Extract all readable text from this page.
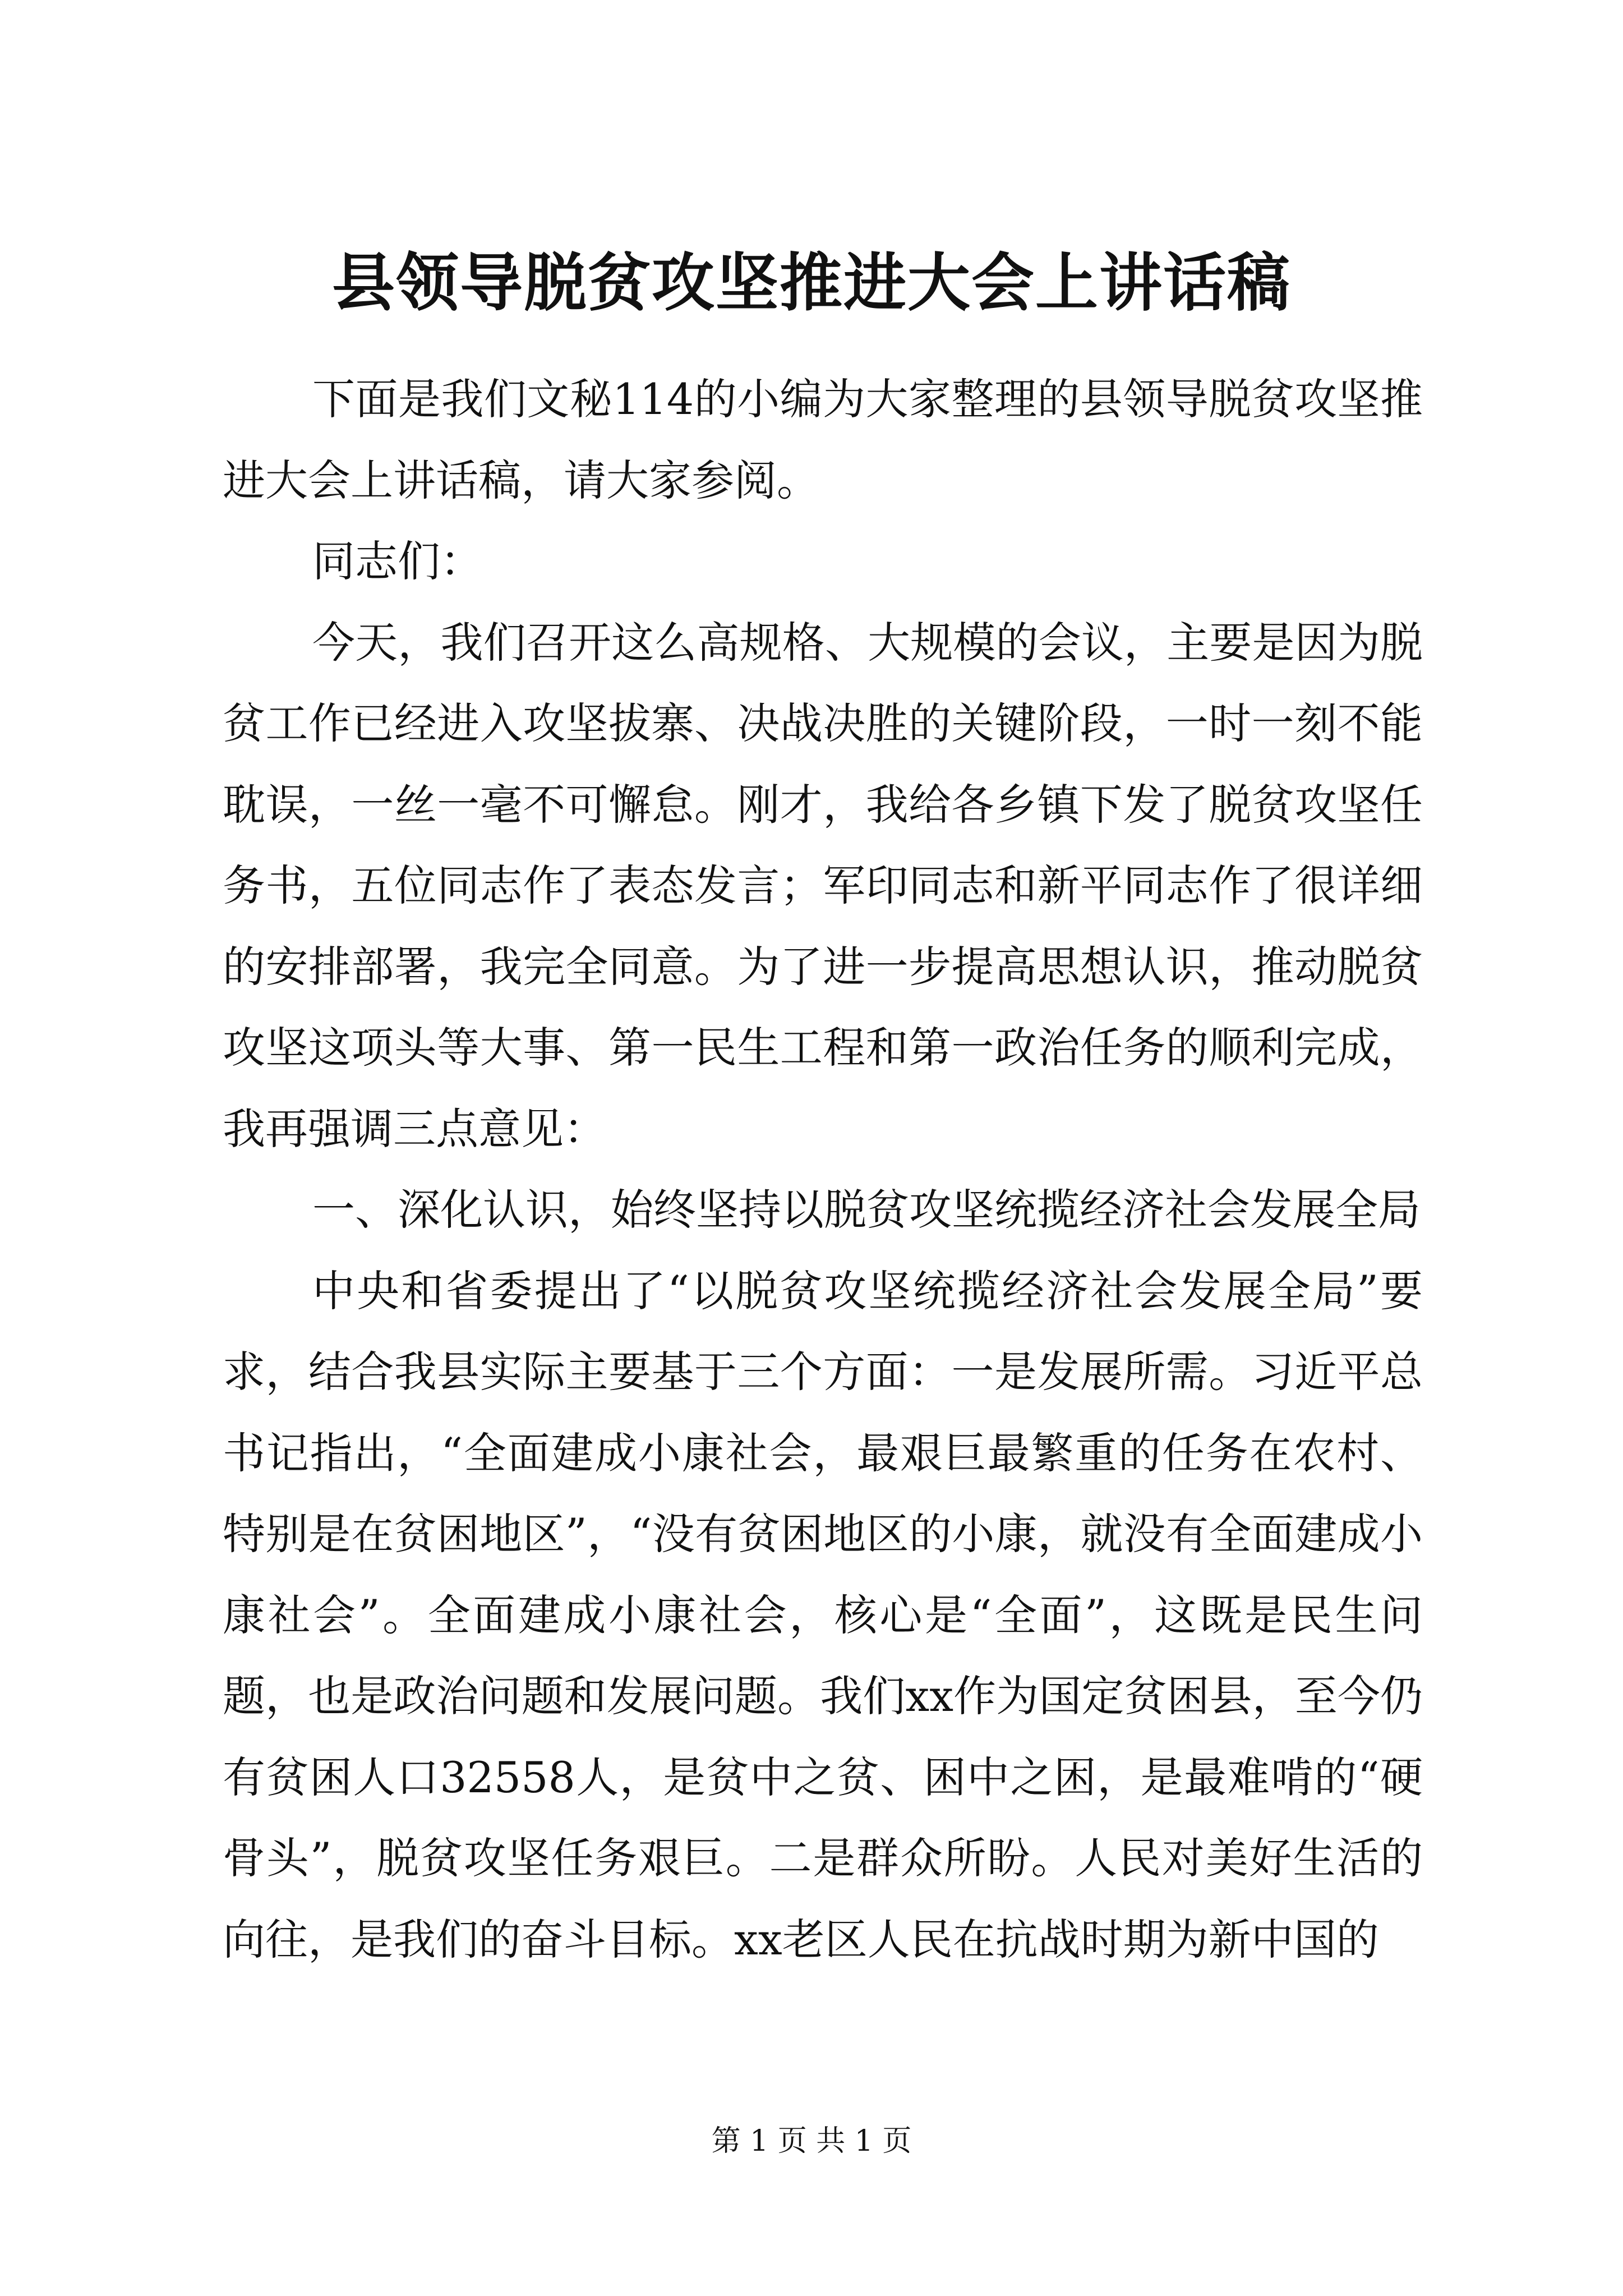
县领导脱贫攻坚推进大会上讲话稿

下面是我们文秘114的小编为大家整理的县领导脱贫攻坚推进大会上讲话稿，请大家参阅。

同志们：

今天，我们召开这么高规格、大规模的会议，主要是因为脱贫工作已经进入攻坚拔寨、决战决胜的关键阶段，一时一刻不能耽误，一丝一毫不可懈怠。刚才，我给各乡镇下发了脱贫攻坚任务书，五位同志作了表态发言；军印同志和新平同志作了很详细的安排部署，我完全同意。为了进一步提高思想认识，推动脱贫攻坚这项头等大事、第一民生工程和第一政治任务的顺利完成，我再强调三点意见：

一、深化认识，始终坚持以脱贫攻坚统揽经济社会发展全局

中央和省委提出了“以脱贫攻坚统揽经济社会发展全局”要求，结合我县实际主要基于三个方面：一是发展所需。习近平总书记指出，“全面建成小康社会，最艰巨最繁重的任务在农村、特别是在贫困地区”，“没有贫困地区的小康，就没有全面建成小康社会”。全面建成小康社会，核心是“全面”，这既是民生问题，也是政治问题和发展问题。我们xx作为国定贫困县，至今仍有贫困人口32558人，是贫中之贫、困中之困，是最难啃的“硬骨头”，脱贫攻坚任务艰巨。二是群众所盼。人民对美好生活的向往，是我们的奋斗目标。xx老区人民在抗战时期为新中国的

第 1 页 共 1 页
